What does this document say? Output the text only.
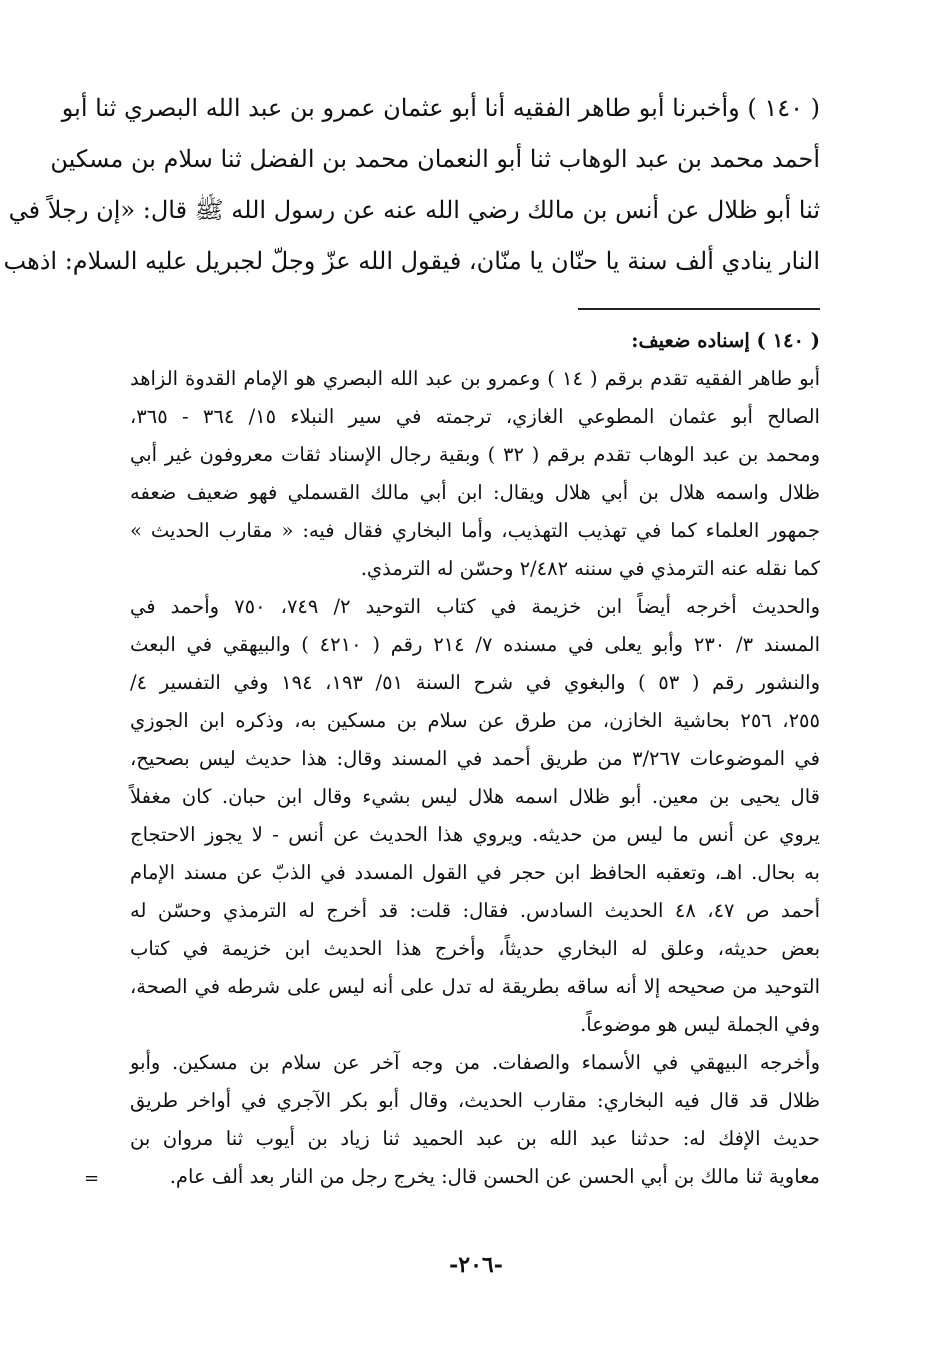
( ١٤٠ ) وأخبرنا أبو طاهر الفقيه أنا أبو عثمان عمرو بن عبد الله البصري ثنا أبو
أحمد محمد بن عبد الوهاب ثنا أبو النعمان محمد بن الفضل ثنا سلام بن مسكين
ثنا أبو ظلال عن أنس بن مالك رضي الله عنه عن رسول الله ﷺ قال: «إن رجلاً في
النار ينادي ألف سنة يا حنّان يا منّان، فيقول الله عزّ وجلّ لجبريل عليه السلام: اذهب
( ١٤٠ ) إسناده ضعيف:
أبو طاهر الفقيه تقدم برقم ( ١٤ ) وعمرو بن عبد الله البصري هو الإمام القدوة الزاهد
الصالح أبو عثمان المطوعي الغازي، ترجمته في سير النبلاء ١٥/ ٣٦٤ - ٣٦٥،
ومحمد بن عبد الوهاب تقدم برقم ( ٣٢ ) وبقية رجال الإسناد ثقات معروفون غير أبي
ظلال واسمه هلال بن أبي هلال ويقال: ابن أبي مالك القسملي فهو ضعيف ضعفه
جمهور العلماء كما في تهذيب التهذيب، وأما البخاري فقال فيه: « مقارب الحديث »
كما نقله عنه الترمذي في سننه ٢/٤٨٢ وحسّن له الترمذي.
والحديث أخرجه أيضاً ابن خزيمة في كتاب التوحيد ٢/ ٧٤٩، ٧٥٠ وأحمد في
المسند ٣/ ٢٣٠ وأبو يعلى في مسنده ٧/ ٢١٤ رقم ( ٤٢١٠ ) والبيهقي في البعث
والنشور رقم ( ٥٣ ) والبغوي في شرح السنة ٥١/ ١٩٣، ١٩٤ وفي التفسير ٤/
٢٥٥، ٢٥٦ بحاشية الخازن، من طرق عن سلام بن مسكين به، وذكره ابن الجوزي
في الموضوعات ٣/٢٦٧ من طريق أحمد في المسند وقال: هذا حديث ليس بصحيح،
قال يحيى بن معين. أبو ظلال اسمه هلال ليس بشيء وقال ابن حبان. كان مغفلاً
يروي عن أنس ما ليس من حديثه. ويروي هذا الحديث عن أنس - لا يجوز الاحتجاج
به بحال. اهـ، وتعقبه الحافظ ابن حجر في القول المسدد في الذبّ عن مسند الإمام
أحمد ص ٤٧، ٤٨ الحديث السادس. فقال: قلت: قد أخرج له الترمذي وحسّن له
بعض حديثه، وعلق له البخاري حديثاً، وأخرج هذا الحديث ابن خزيمة في كتاب
التوحيد من صحيحه إلا أنه ساقه بطريقة له تدل على أنه ليس على شرطه في الصحة،
وفي الجملة ليس هو موضوعاً.
وأخرجه البيهقي في الأسماء والصفات. من وجه آخر عن سلام بن مسكين. وأبو
ظلال قد قال فيه البخاري: مقارب الحديث، وقال أبو بكر الآجري في أواخر طريق
حديث الإفك له: حدثنا عبد الله بن عبد الحميد ثنا زياد بن أيوب ثنا مروان بن
معاوية ثنا مالك بن أبي الحسن عن الحسن قال: يخرج رجل من النار بعد ألف عام.
=
-٢٠٦-
